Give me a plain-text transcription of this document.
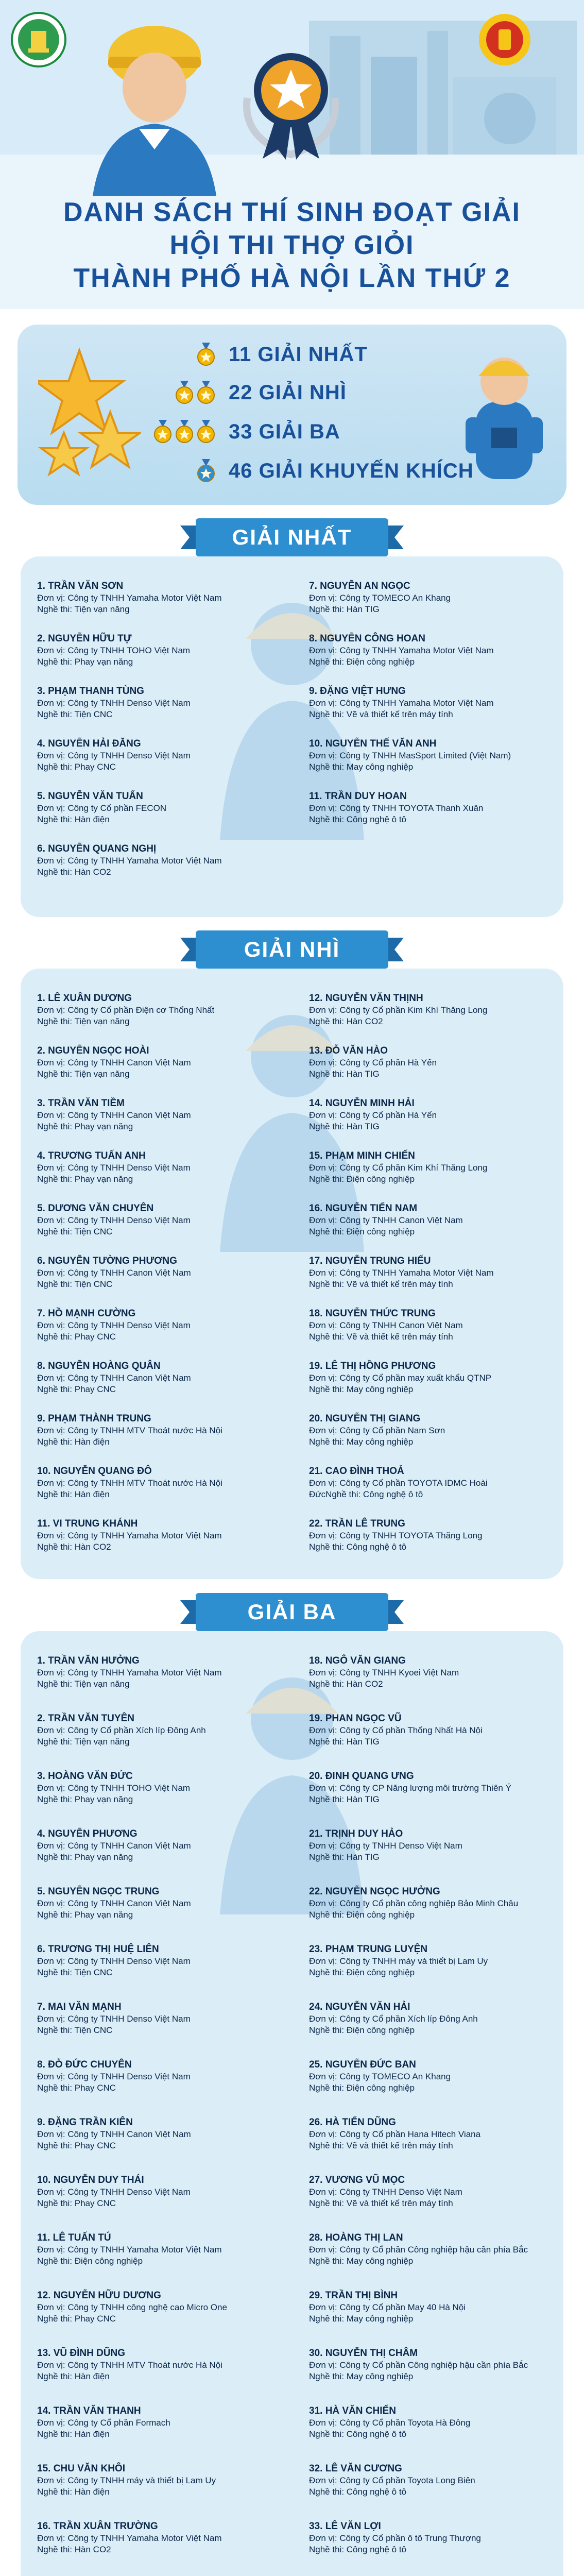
DANH SÁCH THÍ SINH ĐOẠT GIẢI
HỘI THI THỢ GIỎI
THÀNH PHỐ HÀ NỘI LẦN THỨ 2
11 GIẢI NHẤT
22 GIẢI NHÌ
33 GIẢI BA
46 GIẢI KHUYẾN KHÍCH
GIẢI NHẤT
1. TRẦN VĂN SƠN
Đơn vị: Công ty TNHH Yamaha Motor Việt Nam
Nghề thi: Tiện vạn năng
2. NGUYỄN HỮU TỰ
Đơn vị: Công ty TNHH TOHO Việt Nam
Nghề thi: Phay vạn năng
3. PHẠM THANH TÙNG
Đơn vị: Công ty TNHH Denso Việt Nam
Nghề thi: Tiện CNC
4. NGUYỄN HẢI ĐĂNG
Đơn vị: Công ty TNHH Denso Việt Nam
Nghề thi: Phay CNC
5. NGUYỄN VĂN TUẤN
Đơn vị: Công ty Cổ phần FECON
Nghề thi: Hàn điện
6. NGUYỄN QUANG NGHỊ
Đơn vị: Công ty TNHH Yamaha Motor Việt Nam
Nghề thi: Hàn CO2
7. NGUYỄN AN NGỌC
Đơn vị: Công ty TOMECO An Khang
Nghề thi: Hàn TIG
8. NGUYỄN CÔNG HOAN
Đơn vị: Công ty TNHH Yamaha Motor Việt Nam
Nghề thi: Điện công nghiệp
9. ĐẶNG VIỆT HƯNG
Đơn vị: Công ty TNHH Yamaha Motor Việt Nam
Nghề thi: Vẽ và thiết kế trên máy tính
10. NGUYỄN THẾ VĂN ANH
Đơn vị: Công ty TNHH MasSport Limited (Việt Nam)
Nghề thi: May công nghiệp
11. TRẦN DUY HOAN
Đơn vị: Công ty TNHH TOYOTA Thanh Xuân
Nghề thi: Công nghệ ô tô
GIẢI NHÌ
1. LÊ XUÂN DƯƠNG
Đơn vị: Công ty Cổ phần Điện cơ Thống Nhất
Nghề thi: Tiện vạn năng
2. NGUYỄN NGỌC HOÀI
Đơn vị: Công ty TNHH Canon Việt Nam
Nghề thi: Tiện vạn năng
3. TRẦN VĂN TIỀM
Đơn vị: Công ty TNHH Canon Việt Nam
Nghề thi: Phay vạn năng
4. TRƯƠNG TUẤN ANH
Đơn vị: Công ty TNHH Denso Việt Nam
Nghề thi: Phay vạn năng
5. DƯƠNG VĂN CHUYÊN
Đơn vị: Công ty TNHH Denso Việt Nam
Nghề thi: Tiện CNC
6. NGUYỄN TƯỜNG PHƯƠNG
Đơn vị: Công ty TNHH Canon Việt Nam
Nghề thi: Tiện CNC
7. HỒ MẠNH CƯỜNG
Đơn vị: Công ty TNHH Denso Việt Nam
Nghề thi: Phay CNC
8. NGUYỄN HOÀNG QUÂN
Đơn vị: Công ty TNHH Canon Việt Nam
Nghề thi: Phay CNC
9. PHẠM THÀNH TRUNG
Đơn vị: Công ty TNHH MTV Thoát nước Hà Nội
Nghề thi: Hàn điện
10. NGUYỄN QUANG ĐÔ
Đơn vị: Công ty TNHH MTV Thoát nước Hà Nội
Nghề thi: Hàn điện
11. VI TRUNG KHÁNH
Đơn vị: Công ty TNHH Yamaha Motor Việt Nam
Nghề thi: Hàn CO2
12. NGUYỄN VĂN THỊNH
Đơn vị: Công ty Cổ phần Kim Khí Thăng Long
Nghề thi: Hàn CO2
13. ĐỖ VĂN HÀO
Đơn vị: Công ty Cổ phần Hà Yến
Nghề thi: Hàn TIG
14. NGUYỄN MINH HẢI
Đơn vị: Công ty Cổ phần Hà Yến
Nghề thi: Hàn TIG
15. PHẠM MINH CHIẾN
Đơn vị: Công ty Cổ phần Kim Khí Thăng Long
Nghề thi: Điện công nghiệp
16. NGUYỄN TIẾN NAM
Đơn vị: Công ty TNHH Canon Việt Nam
Nghề thi: Điện công nghiệp
17. NGUYỄN TRUNG HIẾU
Đơn vị: Công ty TNHH Yamaha Motor Việt Nam
Nghề thi: Vẽ và thiết kế trên máy tính
18. NGUYỄN THỨC TRUNG
Đơn vị: Công ty TNHH Canon Việt Nam
Nghề thi: Vẽ và thiết kế trên máy tính
19. LÊ THỊ HỒNG PHƯƠNG
Đơn vị: Công ty Cổ phần may xuất khẩu QTNP
Nghề thi: May công nghiệp
20. NGUYỄN THỊ GIANG
Đơn vị: Công ty Cổ phần Nam Sơn
Nghề thi: May công nghiệp
21. CAO ĐÌNH THOẢ
Đơn vị: Công ty Cổ phần TOYOTA IDMC Hoài
ĐứcNghề thi: Công nghệ ô tô
22. TRẦN LÊ TRUNG
Đơn vị: Công ty TNHH TOYOTA Thăng Long
Nghề thi: Công nghệ ô tô
GIẢI BA
1. TRẦN VĂN HƯỞNG
Đơn vị: Công ty TNHH Yamaha Motor Việt Nam
Nghề thi: Tiện vạn năng
2. TRẦN VĂN TUYÊN
Đơn vị: Công ty Cổ phần Xích líp Đông Anh
Nghề thi: Tiện vạn năng
3. HOÀNG VĂN ĐỨC
Đơn vị: Công ty TNHH TOHO Việt Nam
Nghề thi: Phay vạn năng
4. NGUYỄN PHƯƠNG
Đơn vị: Công ty TNHH Canon Việt Nam
Nghề thi: Phay vạn năng
5. NGUYỄN NGỌC TRUNG
Đơn vị: Công ty TNHH Canon Việt Nam
Nghề thi: Phay vạn năng
6. TRƯƠNG THỊ HUỆ LIÊN
Đơn vị: Công ty TNHH Denso Việt Nam
Nghề thi: Tiện CNC
7. MAI VĂN MẠNH
Đơn vị: Công ty TNHH Denso Việt Nam
Nghề thi: Tiện CNC
8. ĐỖ ĐỨC CHUYÊN
Đơn vị: Công ty TNHH Denso Việt Nam
Nghề thi: Phay CNC
9. ĐẶNG TRẦN KIÊN
Đơn vị: Công ty TNHH Canon Việt Nam
Nghề thi: Phay CNC
10. NGUYỄN DUY THÁI
Đơn vị: Công ty TNHH Denso Việt Nam
Nghề thi: Phay CNC
11. LÊ TUẤN TÚ
Đơn vị: Công ty TNHH Yamaha Motor Việt Nam
Nghề thi: Điện công nghiệp
12. NGUYỄN HỮU DƯƠNG
Đơn vị: Công ty TNHH công nghệ cao Micro One
Nghề thi: Phay CNC
13. VŨ ĐÌNH DŨNG
Đơn vị: Công ty TNHH MTV Thoát nước Hà Nội
Nghề thi: Hàn điện
14. TRẦN VĂN THANH
Đơn vị: Công ty Cổ phần Formach
Nghề thi: Hàn điện
15. CHU VĂN KHÔI
Đơn vị: Công ty TNHH máy và thiết bị Lam Uy
Nghề thi: Hàn điện
16. TRẦN XUÂN TRƯỜNG
Đơn vị: Công ty TNHH Yamaha Motor Việt Nam
Nghề thi: Hàn CO2
18. NGÔ VĂN GIANG
Đơn vị: Công ty TNHH Kyoei Việt Nam
Nghề thi: Hàn CO2
19. PHAN NGỌC VŨ
Đơn vị: Công ty Cổ phần Thống Nhất Hà Nội
Nghề thi: Hàn TIG
20. ĐINH QUANG ƯNG
Đơn vị: Công ty CP Năng lượng môi trường Thiên Ý
Nghề thi: Hàn TIG
21. TRỊNH DUY HẢO
Đơn vị: Công ty TNHH Denso Việt Nam
Nghề thi: Hàn TIG
22. NGUYỄN NGỌC HƯỞNG
Đơn vị: Công ty Cổ phần công nghiệp Bảo Minh Châu
Nghề thi: Điện công nghiệp
23. PHẠM TRUNG LUYỆN
Đơn vị: Công ty TNHH máy và thiết bị Lam Uy
Nghề thi: Điện công nghiệp
24. NGUYỄN VĂN HẢI
Đơn vị: Công ty Cổ phần Xích líp Đông Anh
Nghề thi: Điện công nghiệp
25. NGUYỄN ĐỨC BAN
Đơn vị: Công ty TOMECO An Khang
Nghề thi: Điện công nghiệp
26. HÀ TIẾN DŨNG
Đơn vị: Công ty Cổ phần Hana Hitech Viana
Nghề thi: Vẽ và thiết kế trên máy tính
27. VƯƠNG VŨ MỌC
Đơn vị: Công ty TNHH Denso Việt Nam
Nghề thi: Vẽ và thiết kế trên máy tính
28. HOÀNG THỊ LAN
Đơn vị: Công ty Cổ phần Công nghiệp hậu cần phía Bắc
Nghề thi: May công nghiệp
29. TRẦN THỊ BÌNH
Đơn vị: Công ty Cổ phần May 40 Hà Nội
Nghề thi: May công nghiệp
30. NGUYỄN THỊ CHÂM
Đơn vị: Công ty Cổ phần Công nghiệp hậu cần phía Bắc
Nghề thi: May công nghiệp
31. HÀ VĂN CHIẾN
Đơn vị: Công ty Cổ phần Toyota Hà Đông
Nghề thi: Công nghệ ô tô
32. LÊ VĂN CƯƠNG
Đơn vị: Công ty Cổ phần Toyota Long Biên
Nghề thi: Công nghệ ô tô
33. LÊ VĂN LỢI
Đơn vị: Công ty Cổ phần ô tô Trung Thượng
Nghề thi: Công nghệ ô tô
